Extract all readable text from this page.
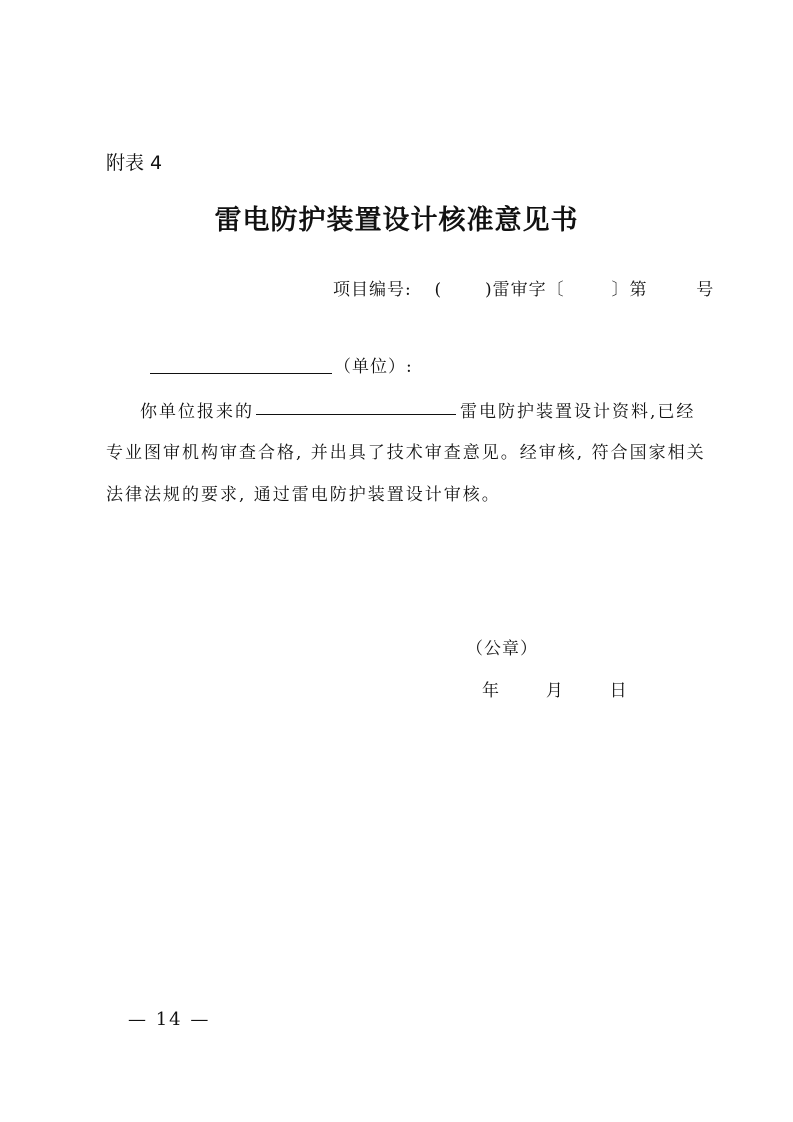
附表 4
雷电防护装置设计核准意见书
项目编号: (	)雷审字〔	〕第	号
（单位）:
你单位报来的	雷电防护装置设计资料,已经
专业图审机构审查合格, 并出具了技术审查意见。经审核, 符合国家相关
法律法规的要求, 通过雷电防护装置设计审核。
（公章）
年	月	日
— 14 —
